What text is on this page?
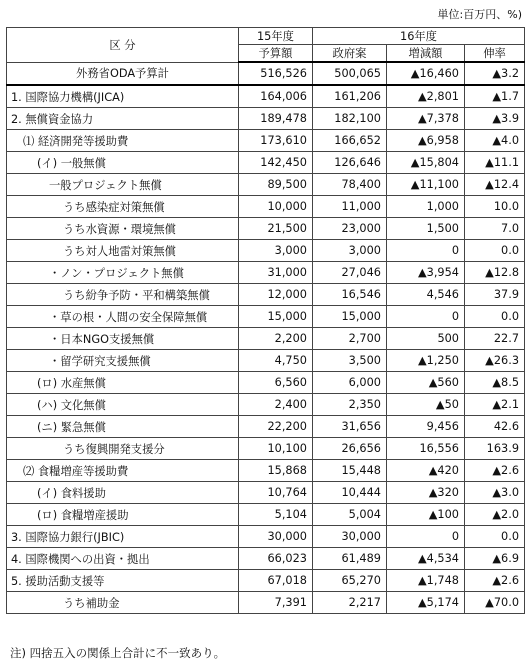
単位:百万円、%)
区 分	15年度	16年度		
	予算額	政府案	増減額	伸率
外務省ODA予算計	516,526	500,065	▲16,460	▲3.2
1. 国際協力機構(JICA)	164,006	161,206	▲2,801	▲1.7
2. 無償資金協力	189,478	182,100	▲7,378	▲3.9
⑴ 経済開発等援助費	173,610	166,652	▲6,958	▲4.0
(イ) 一般無償	142,450	126,646	▲15,804	▲11.1
一般プロジェクト無償	89,500	78,400	▲11,100	▲12.4
うち感染症対策無償	10,000	11,000	1,000	10.0
うち水資源・環境無償	21,500	23,000	1,500	7.0
うち対人地雷対策無償	3,000	3,000	0	0.0
・ノン・プロジェクト無償	31,000	27,046	▲3,954	▲12.8
うち紛争予防・平和構築無償	12,000	16,546	4,546	37.9
・草の根・人間の安全保障無償	15,000	15,000	0	0.0
・日本NGO支援無償	2,200	2,700	500	22.7
・留学研究支援無償	4,750	3,500	▲1,250	▲26.3
(ロ) 水産無償	6,560	6,000	▲560	▲8.5
(ハ) 文化無償	2,400	2,350	▲50	▲2.1
(ニ) 緊急無償	22,200	31,656	9,456	42.6
うち復興開発支援分	10,100	26,656	16,556	163.9
⑵ 食糧増産等援助費	15,868	15,448	▲420	▲2.6
(イ) 食料援助	10,764	10,444	▲320	▲3.0
(ロ) 食糧増産援助	5,104	5,004	▲100	▲2.0
3. 国際協力銀行(JBIC)	30,000	30,000	0	0.0
4. 国際機関への出資・拠出	66,023	61,489	▲4,534	▲6.9
5. 援助活動支援等	67,018	65,270	▲1,748	▲2.6
うち補助金	7,391	2,217	▲5,174	▲70.0
注) 四捨五入の関係上合計に不一致あり。
